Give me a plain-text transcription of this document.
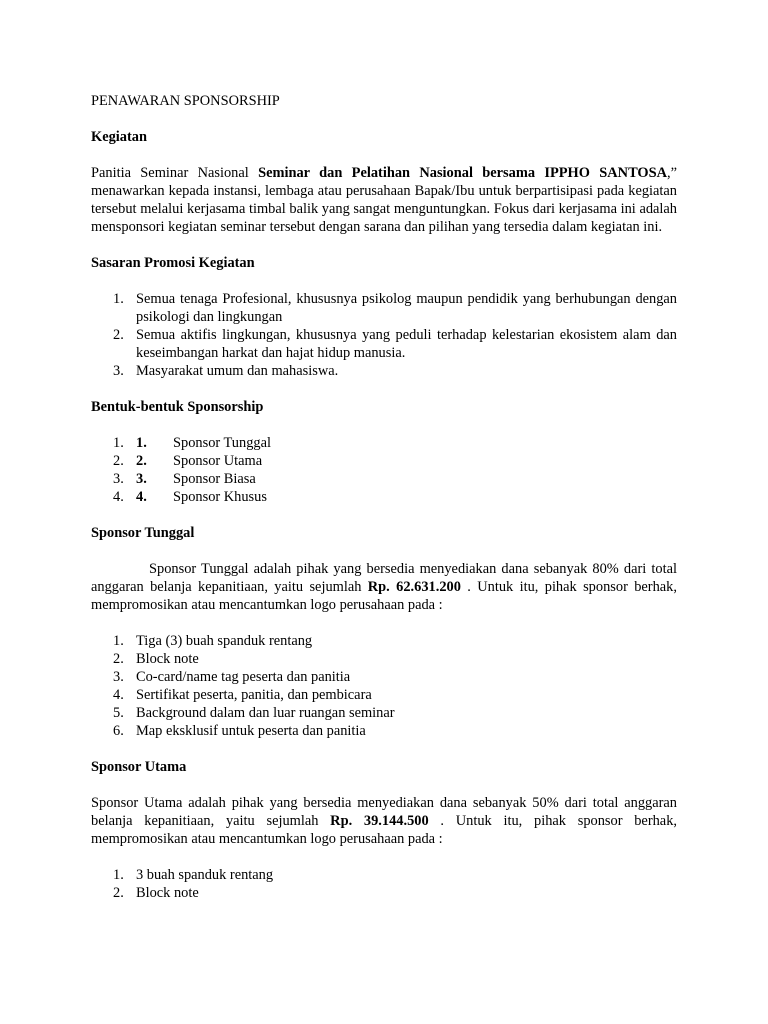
PENAWARAN SPONSORSHIP

Kegiatan

Panitia Seminar Nasional Seminar dan Pelatihan Nasional bersama IPPHO SANTOSA,” menawarkan kepada instansi, lembaga atau perusahaan Bapak/Ibu untuk berpartisipasi pada kegiatan tersebut melalui kerjasama timbal balik yang sangat menguntungkan. Fokus dari kerjasama ini adalah mensponsori kegiatan seminar tersebut dengan sarana dan pilihan yang tersedia dalam kegiatan ini.

Sasaran Promosi Kegiatan

1. Semua tenaga Profesional, khususnya psikolog maupun pendidik yang berhubungan dengan psikologi dan lingkungan
2. Semua aktifis lingkungan, khususnya yang peduli terhadap kelestarian ekosistem alam dan keseimbangan harkat dan hajat hidup manusia.
3. Masyarakat umum dan mahasiswa.

Bentuk-bentuk Sponsorship

1. 1. Sponsor Tunggal
2. 2. Sponsor Utama
3. 3. Sponsor Biasa
4. 4. Sponsor Khusus

Sponsor Tunggal

Sponsor Tunggal adalah pihak yang bersedia menyediakan dana sebanyak 80% dari total anggaran belanja kepanitiaan, yaitu sejumlah Rp. 62.631.200 . Untuk itu, pihak sponsor berhak, mempromosikan atau mencantumkan logo perusahaan pada :

1. Tiga (3) buah spanduk rentang
2. Block note
3. Co-card/name tag peserta dan panitia
4. Sertifikat peserta, panitia, dan pembicara
5. Background dalam dan luar ruangan seminar
6. Map eksklusif untuk peserta dan panitia

Sponsor Utama

Sponsor Utama adalah pihak yang bersedia menyediakan dana sebanyak 50% dari total anggaran belanja kepanitiaan, yaitu sejumlah Rp. 39.144.500 . Untuk itu, pihak sponsor berhak, mempromosikan atau mencantumkan logo perusahaan pada :

1. 3 buah spanduk rentang
2. Block note
